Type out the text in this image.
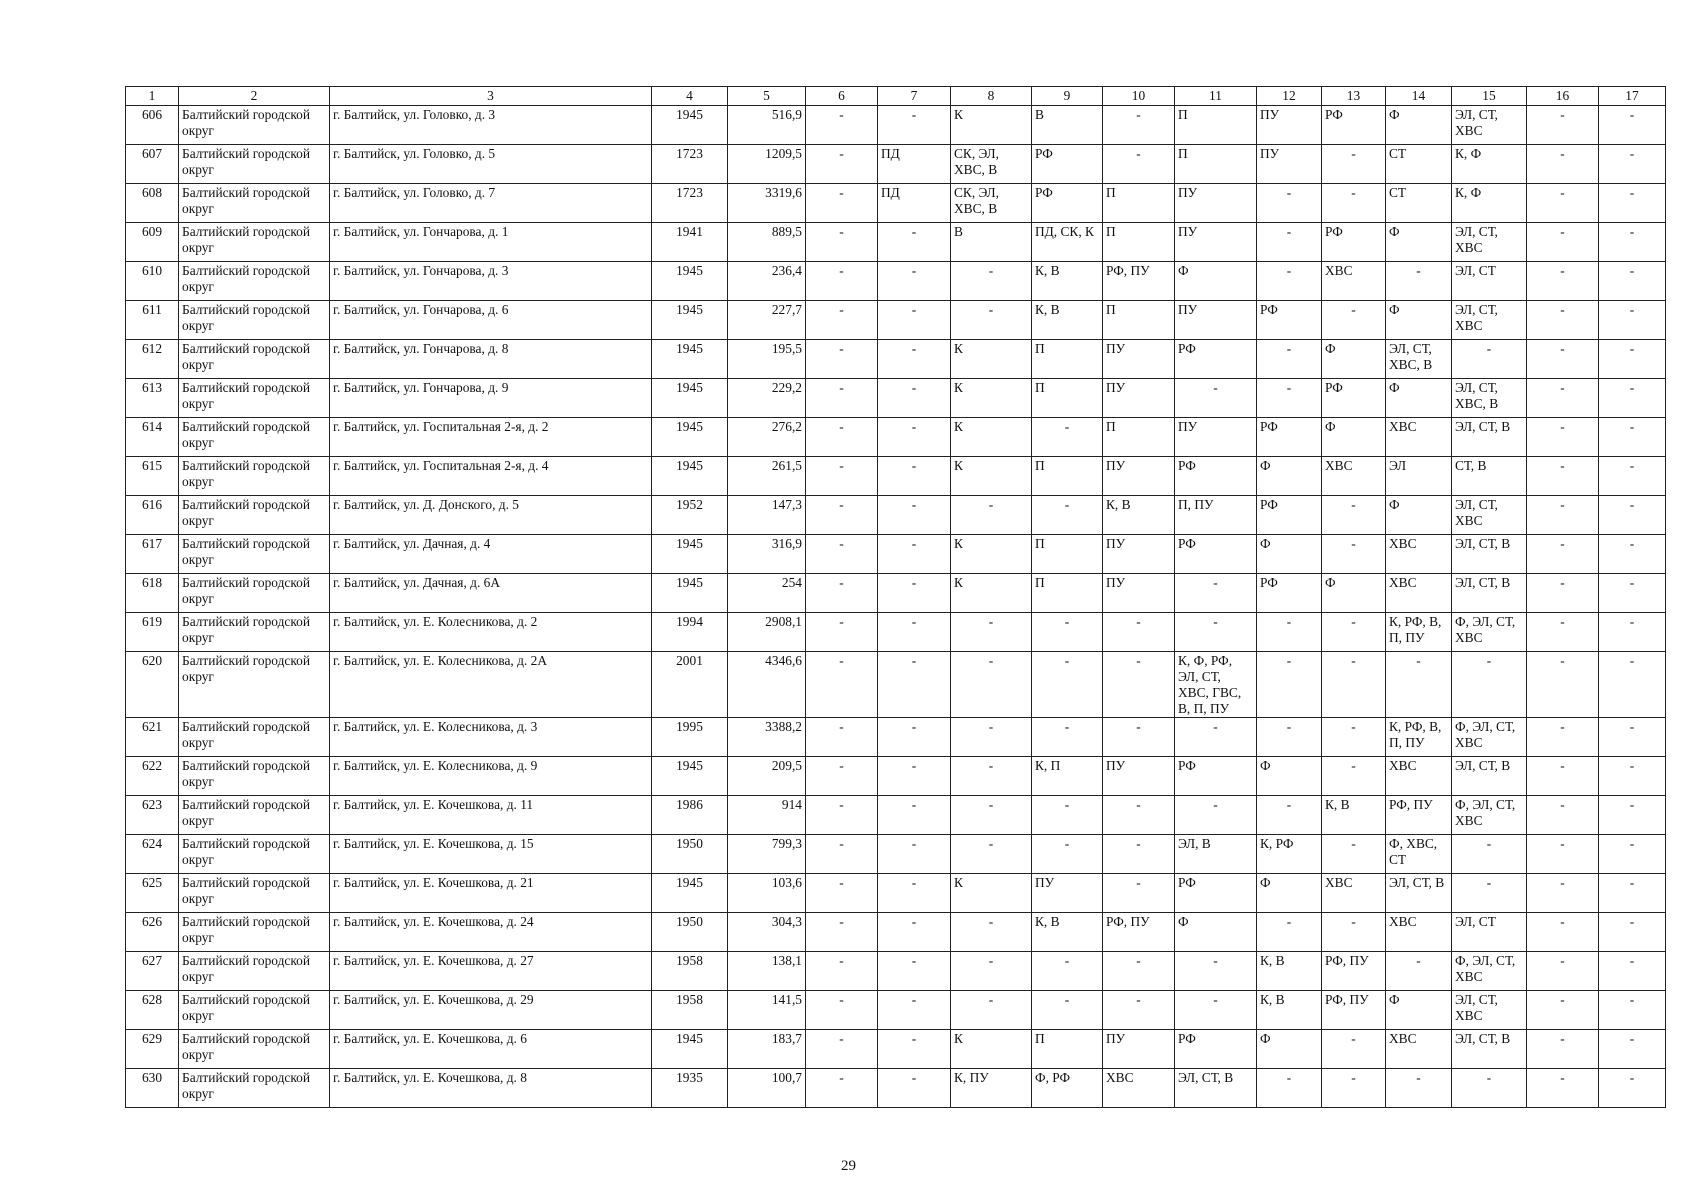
1	2	3	4	5	6	7	8	9	10	11	12	13	14	15	16	17
606	Балтийский городской округ	г. Балтийск, ул. Головко, д. 3	1945	516,9	-	-	К	В	-	П	ПУ	РФ	Ф	ЭЛ, СТ, ХВС	-	-
607	Балтийский городской округ	г. Балтийск, ул. Головко, д. 5	1723	1209,5	-	ПД	СК, ЭЛ, ХВС, В	РФ	-	П	ПУ	-	СТ	К, Ф	-	-
608	Балтийский городской округ	г. Балтийск, ул. Головко, д. 7	1723	3319,6	-	ПД	СК, ЭЛ, ХВС, В	РФ	П	ПУ	-	-	СТ	К, Ф	-	-
609	Балтийский городской округ	г. Балтийск, ул. Гончарова, д. 1	1941	889,5	-	-	В	ПД, СК, К	П	ПУ	-	РФ	Ф	ЭЛ, СТ, ХВС	-	-
610	Балтийский городской округ	г. Балтийск, ул. Гончарова, д. 3	1945	236,4	-	-	-	К, В	РФ, ПУ	Ф	-	ХВС	-	ЭЛ, СТ	-	-
611	Балтийский городской округ	г. Балтийск, ул. Гончарова, д. 6	1945	227,7	-	-	-	К, В	П	ПУ	РФ	-	Ф	ЭЛ, СТ, ХВС	-	-
612	Балтийский городской округ	г. Балтийск, ул. Гончарова, д. 8	1945	195,5	-	-	К	П	ПУ	РФ	-	Ф	ЭЛ, СТ, ХВС, В	-	-	-
613	Балтийский городской округ	г. Балтийск, ул. Гончарова, д. 9	1945	229,2	-	-	К	П	ПУ	-	-	РФ	Ф	ЭЛ, СТ, ХВС, В	-	-
614	Балтийский городской округ	г. Балтийск, ул. Госпитальная 2-я, д. 2	1945	276,2	-	-	К	-	П	ПУ	РФ	Ф	ХВС	ЭЛ, СТ, В	-	-
615	Балтийский городской округ	г. Балтийск, ул. Госпитальная 2-я, д. 4	1945	261,5	-	-	К	П	ПУ	РФ	Ф	ХВС	ЭЛ	СТ, В	-	-
616	Балтийский городской округ	г. Балтийск, ул. Д. Донского, д. 5	1952	147,3	-	-	-	-	К, В	П, ПУ	РФ	-	Ф	ЭЛ, СТ, ХВС	-	-
617	Балтийский городской округ	г. Балтийск, ул. Дачная, д. 4	1945	316,9	-	-	К	П	ПУ	РФ	Ф	-	ХВС	ЭЛ, СТ, В	-	-
618	Балтийский городской округ	г. Балтийск, ул. Дачная, д. 6А	1945	254	-	-	К	П	ПУ	-	РФ	Ф	ХВС	ЭЛ, СТ, В	-	-
619	Балтийский городской округ	г. Балтийск, ул. Е. Колесникова, д. 2	1994	2908,1	-	-	-	-	-	-	-	-	К, РФ, В, П, ПУ	Ф, ЭЛ, СТ, ХВС	-	-
620	Балтийский городской округ	г. Балтийск, ул. Е. Колесникова, д. 2А	2001	4346,6	-	-	-	-	-	К, Ф, РФ, ЭЛ, СТ, ХВС, ГВС, В, П, ПУ	-	-	-	-	-	-
621	Балтийский городской округ	г. Балтийск, ул. Е. Колесникова, д. 3	1995	3388,2	-	-	-	-	-	-	-	-	К, РФ, В, П, ПУ	Ф, ЭЛ, СТ, ХВС	-	-
622	Балтийский городской округ	г. Балтийск, ул. Е. Колесникова, д. 9	1945	209,5	-	-	-	К, П	ПУ	РФ	Ф	-	ХВС	ЭЛ, СТ, В	-	-
623	Балтийский городской округ	г. Балтийск, ул. Е. Кочешкова, д. 11	1986	914	-	-	-	-	-	-	-	К, В	РФ, ПУ	Ф, ЭЛ, СТ, ХВС	-	-
624	Балтийский городской округ	г. Балтийск, ул. Е. Кочешкова, д. 15	1950	799,3	-	-	-	-	-	ЭЛ, В	К, РФ	-	Ф, ХВС, СТ	-	-	-
625	Балтийский городской округ	г. Балтийск, ул. Е. Кочешкова, д. 21	1945	103,6	-	-	К	ПУ	-	РФ	Ф	ХВС	ЭЛ, СТ, В	-	-	-
626	Балтийский городской округ	г. Балтийск, ул. Е. Кочешкова, д. 24	1950	304,3	-	-	-	К, В	РФ, ПУ	Ф	-	-	ХВС	ЭЛ, СТ	-	-
627	Балтийский городской округ	г. Балтийск, ул. Е. Кочешкова, д. 27	1958	138,1	-	-	-	-	-	-	К, В	РФ, ПУ	-	Ф, ЭЛ, СТ, ХВС	-	-
628	Балтийский городской округ	г. Балтийск, ул. Е. Кочешкова, д. 29	1958	141,5	-	-	-	-	-	-	К, В	РФ, ПУ	Ф	ЭЛ, СТ, ХВС	-	-
629	Балтийский городской округ	г. Балтийск, ул. Е. Кочешкова, д. 6	1945	183,7	-	-	К	П	ПУ	РФ	Ф	-	ХВС	ЭЛ, СТ, В	-	-
630	Балтийский городской округ	г. Балтийск, ул. Е. Кочешкова, д. 8	1935	100,7	-	-	К, ПУ	Ф, РФ	ХВС	ЭЛ, СТ, В	-	-	-	-	-	-
29
